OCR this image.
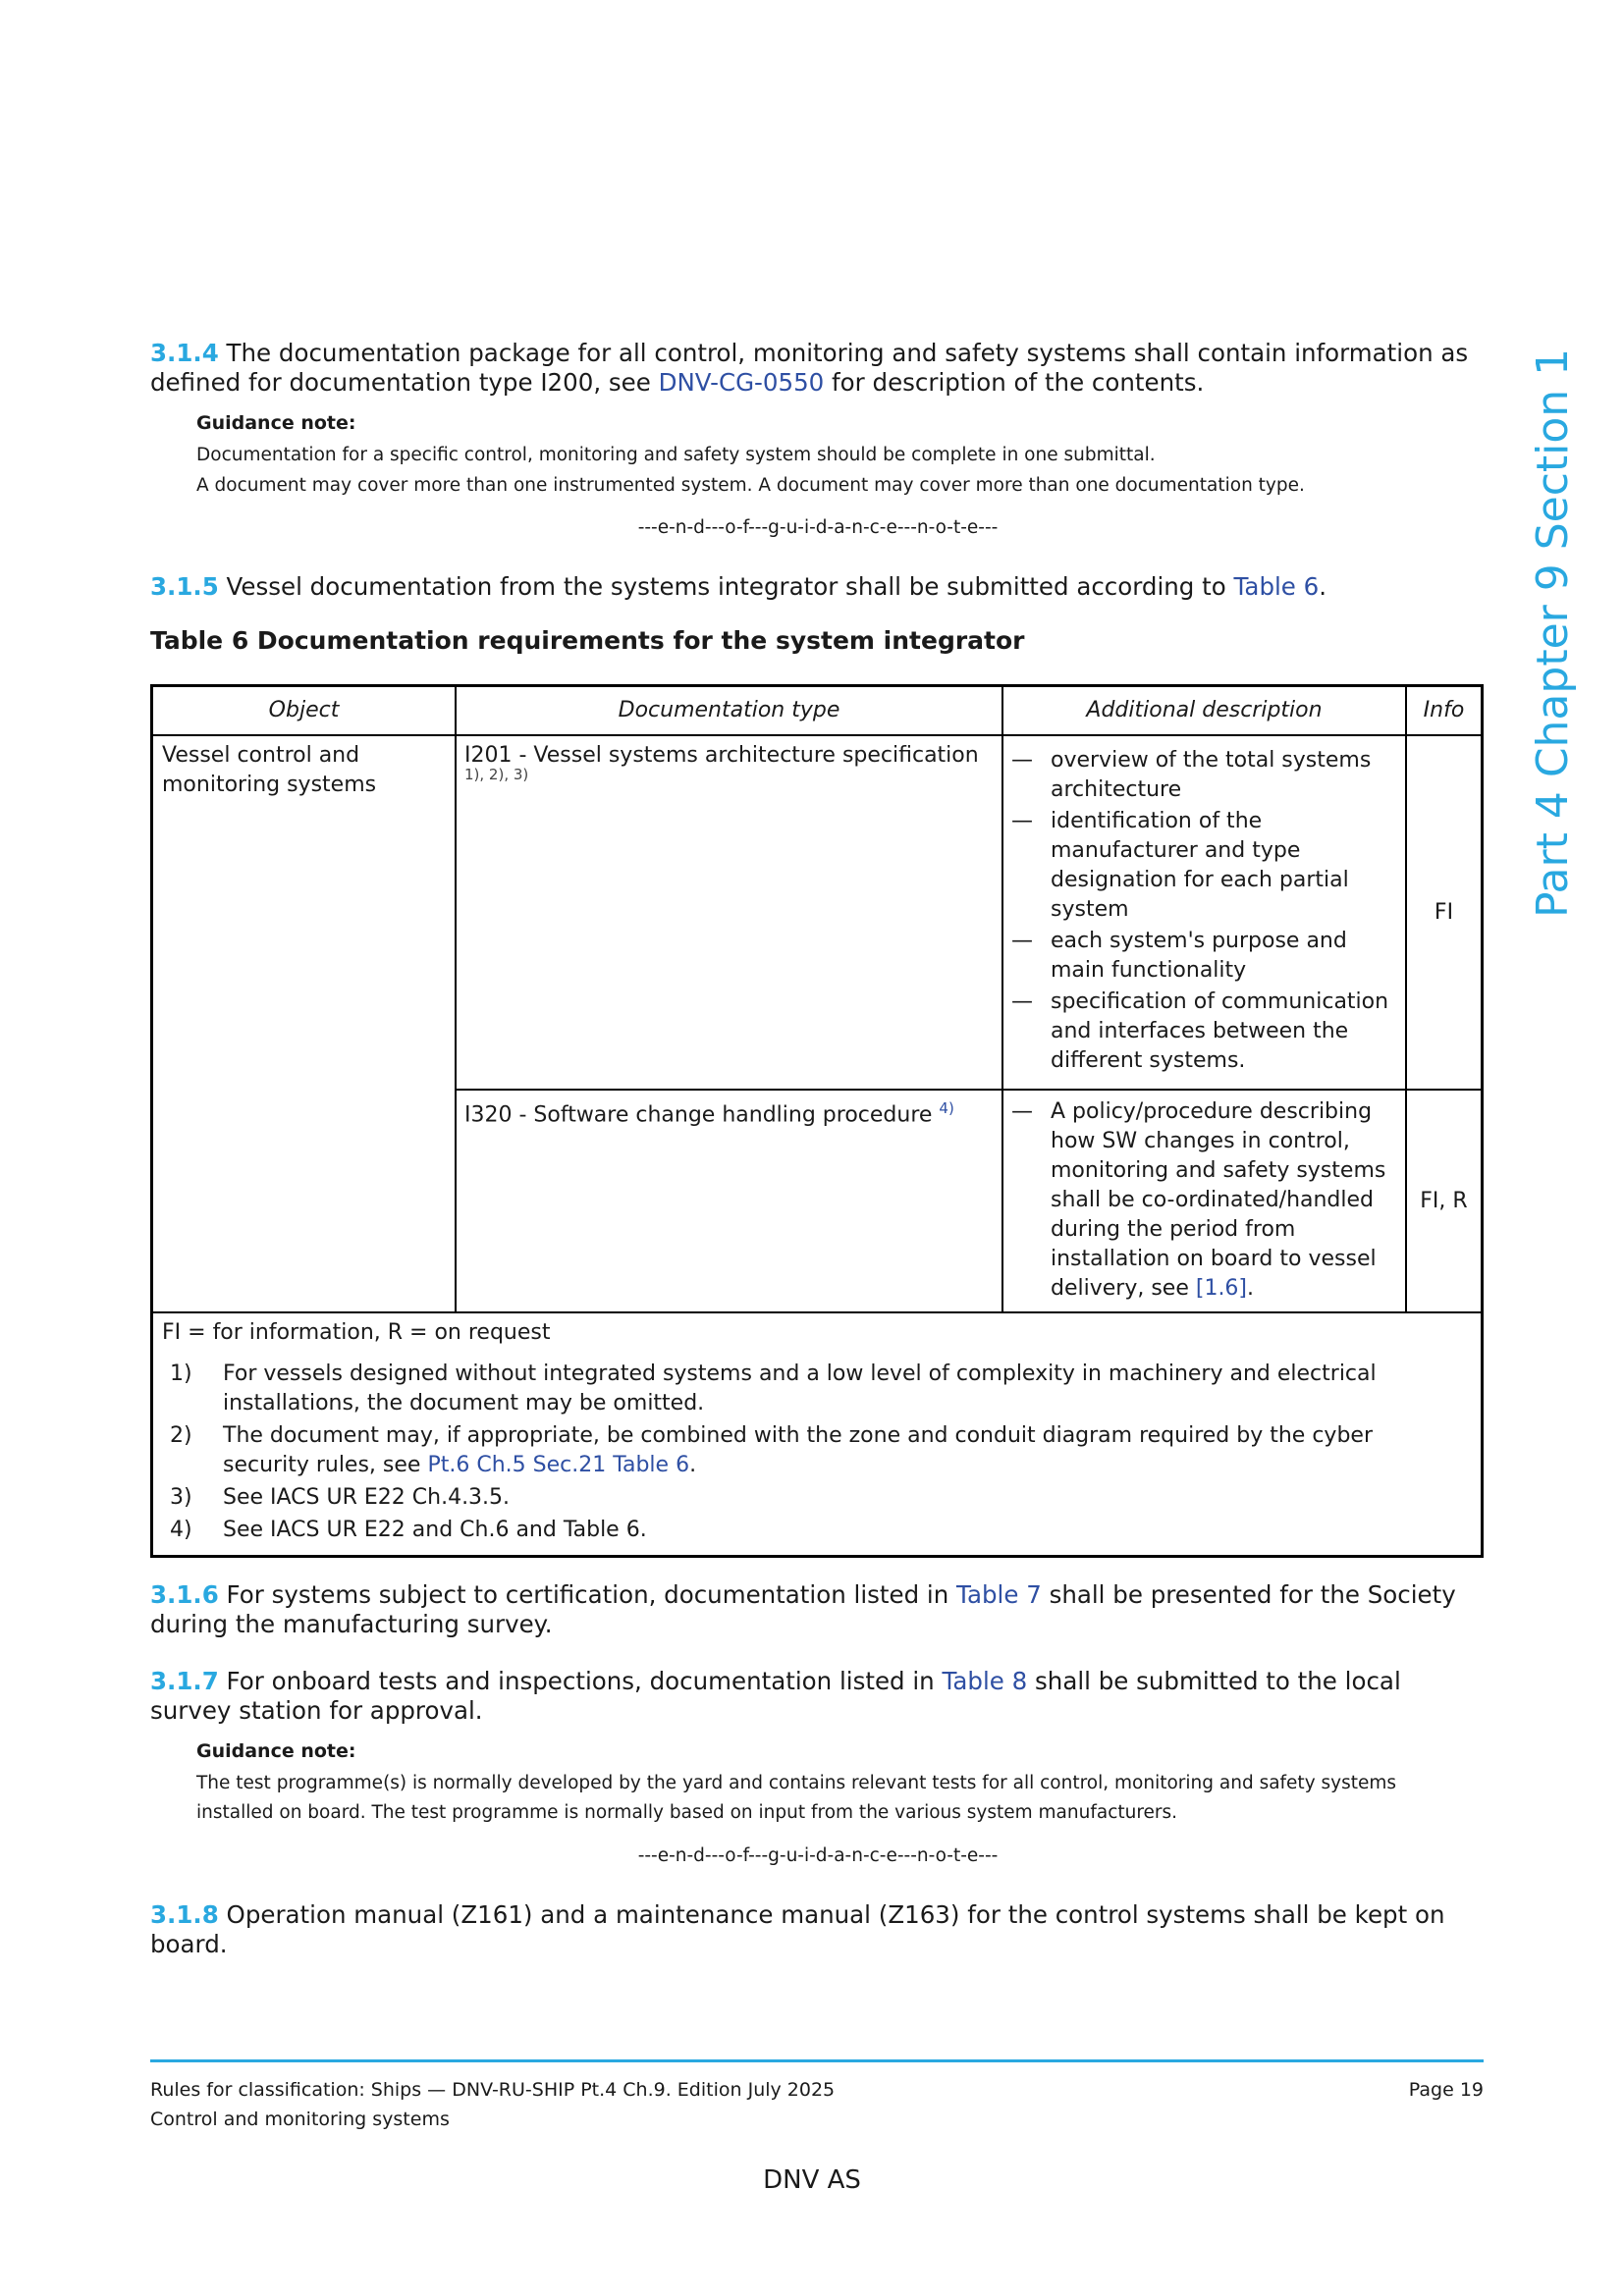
Part 4 Chapter 9 Section 1
3.1.4 The documentation package for all control, monitoring and safety systems shall contain information as defined for documentation type I200, see DNV-CG-0550 for description of the contents.
Guidance note:
Documentation for a specific control, monitoring and safety system should be complete in one submittal.
A document may cover more than one instrumented system. A document may cover more than one documentation type.
---e-n-d---o-f---g-u-i-d-a-n-c-e---n-o-t-e---
3.1.5 Vessel documentation from the systems integrator shall be submitted according to Table 6.
Table 6 Documentation requirements for the system integrator
Object	Documentation type	Additional description	Info
Vessel control and monitoring systems
I201 - Vessel systems architecture specification
1), 2), 3)
— overview of the total systems architecture
— identification of the manufacturer and type designation for each partial system
— each system's purpose and main functionality
— specification of communication and interfaces between the different systems.
FI
I320 - Software change handling procedure $^{4)}$
—	A policy/procedure describing how SW changes in control, monitoring and safety systems shall be co-ordinated/handled during the period from installation on board to vessel delivery, see [1.6].
FI, R
FI = for information, R = on request
1) For vessels designed without integrated systems and a low level of complexity in machinery and electrical installations, the document may be omitted.
2) The document may, if appropriate, be combined with the zone and conduit diagram required by the cyber security rules, see Pt.6 Ch.5 Sec.21 Table 6.
3) See IACS UR E22 Ch.4.3.5.
4) See IACS UR E22 and Ch.6 and Table 6.
3.1.6 For systems subject to certification, documentation listed in Table 7 shall be presented for the Society during the manufacturing survey.
3.1.7 For onboard tests and inspections, documentation listed in Table 8 shall be submitted to the local survey station for approval.
Guidance note:
The test programme(s) is normally developed by the yard and contains relevant tests for all control, monitoring and safety systems installed on board. The test programme is normally based on input from the various system manufacturers.
---e-n-d---o-f---g-u-i-d-a-n-c-e---n-o-t-e---
3.1.8 Operation manual (Z161) and a maintenance manual (Z163) for the control systems shall be kept on board.
Rules for classification: Ships — DNV-RU-SHIP Pt.4 Ch.9. Edition July 2025
Control and monitoring systems
Page 19
DNV AS
